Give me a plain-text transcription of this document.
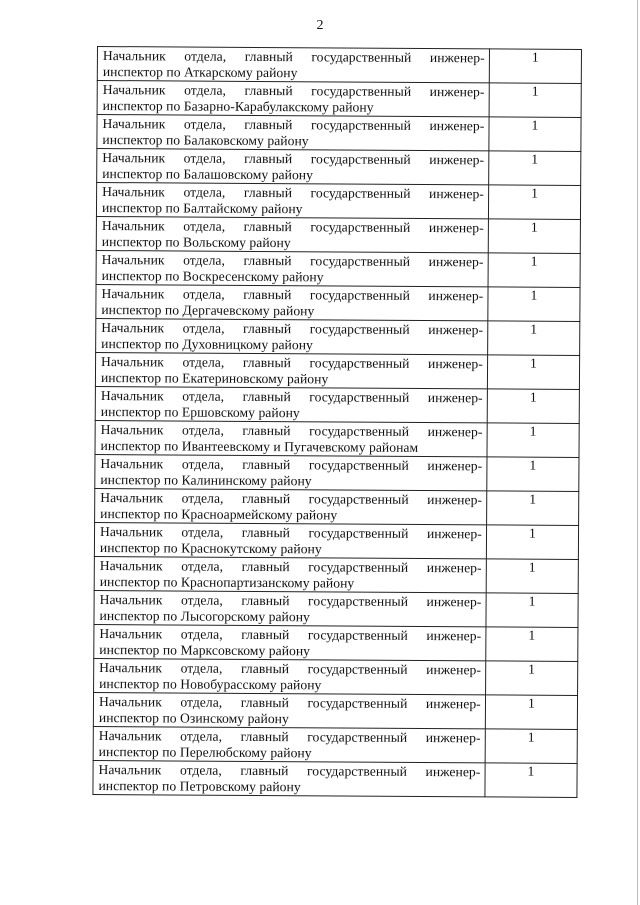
2
Начальник отдела, главный государственный инженер-
инспектор по Аткарскому району	1

Начальник отдела, главный государственный инженер-
инспектор по Базарно-Карабулакскому району	1

Начальник отдела, главный государственный инженер-
инспектор по Балаковскому району	1

Начальник отдела, главный государственный инженер-
инспектор по Балашовскому району	1

Начальник отдела, главный государственный инженер-
инспектор по Балтайскому району	1

Начальник отдела, главный государственный инженер-
инспектор по Вольскому району	1

Начальник отдела, главный государственный инженер-
инспектор по Воскресенскому району	1

Начальник отдела, главный государственный инженер-
инспектор по Дергачевскому району	1

Начальник отдела, главный государственный инженер-
инспектор по Духовницкому району	1

Начальник отдела, главный государственный инженер-
инспектор по Екатериновскому району	1

Начальник отдела, главный государственный инженер-
инспектор по Ершовскому району	1

Начальник отдела, главный государственный инженер-
инспектор по Ивантеевскому и Пугачевскому районам	1

Начальник отдела, главный государственный инженер-
инспектор по Калининскому району	1

Начальник отдела, главный государственный инженер-
инспектор по Красноармейскому району	1

Начальник отдела, главный государственный инженер-
инспектор по Краснокутскому району	1

Начальник отдела, главный государственный инженер-
инспектор по Краснопартизанскому району	1

Начальник отдела, главный государственный инженер-
инспектор по Лысогорскому району	1

Начальник отдела, главный государственный инженер-
инспектор по Марксовскому району	1

Начальник отдела, главный государственный инженер-
инспектор по Новобурасскому району	1

Начальник отдела, главный государственный инженер-
инспектор по Озинскому району	1

Начальник отдела, главный государственный инженер-
инспектор по Перелюбскому району	1

Начальник отдела, главный государственный инженер-
инспектор по Петровскому району	1
